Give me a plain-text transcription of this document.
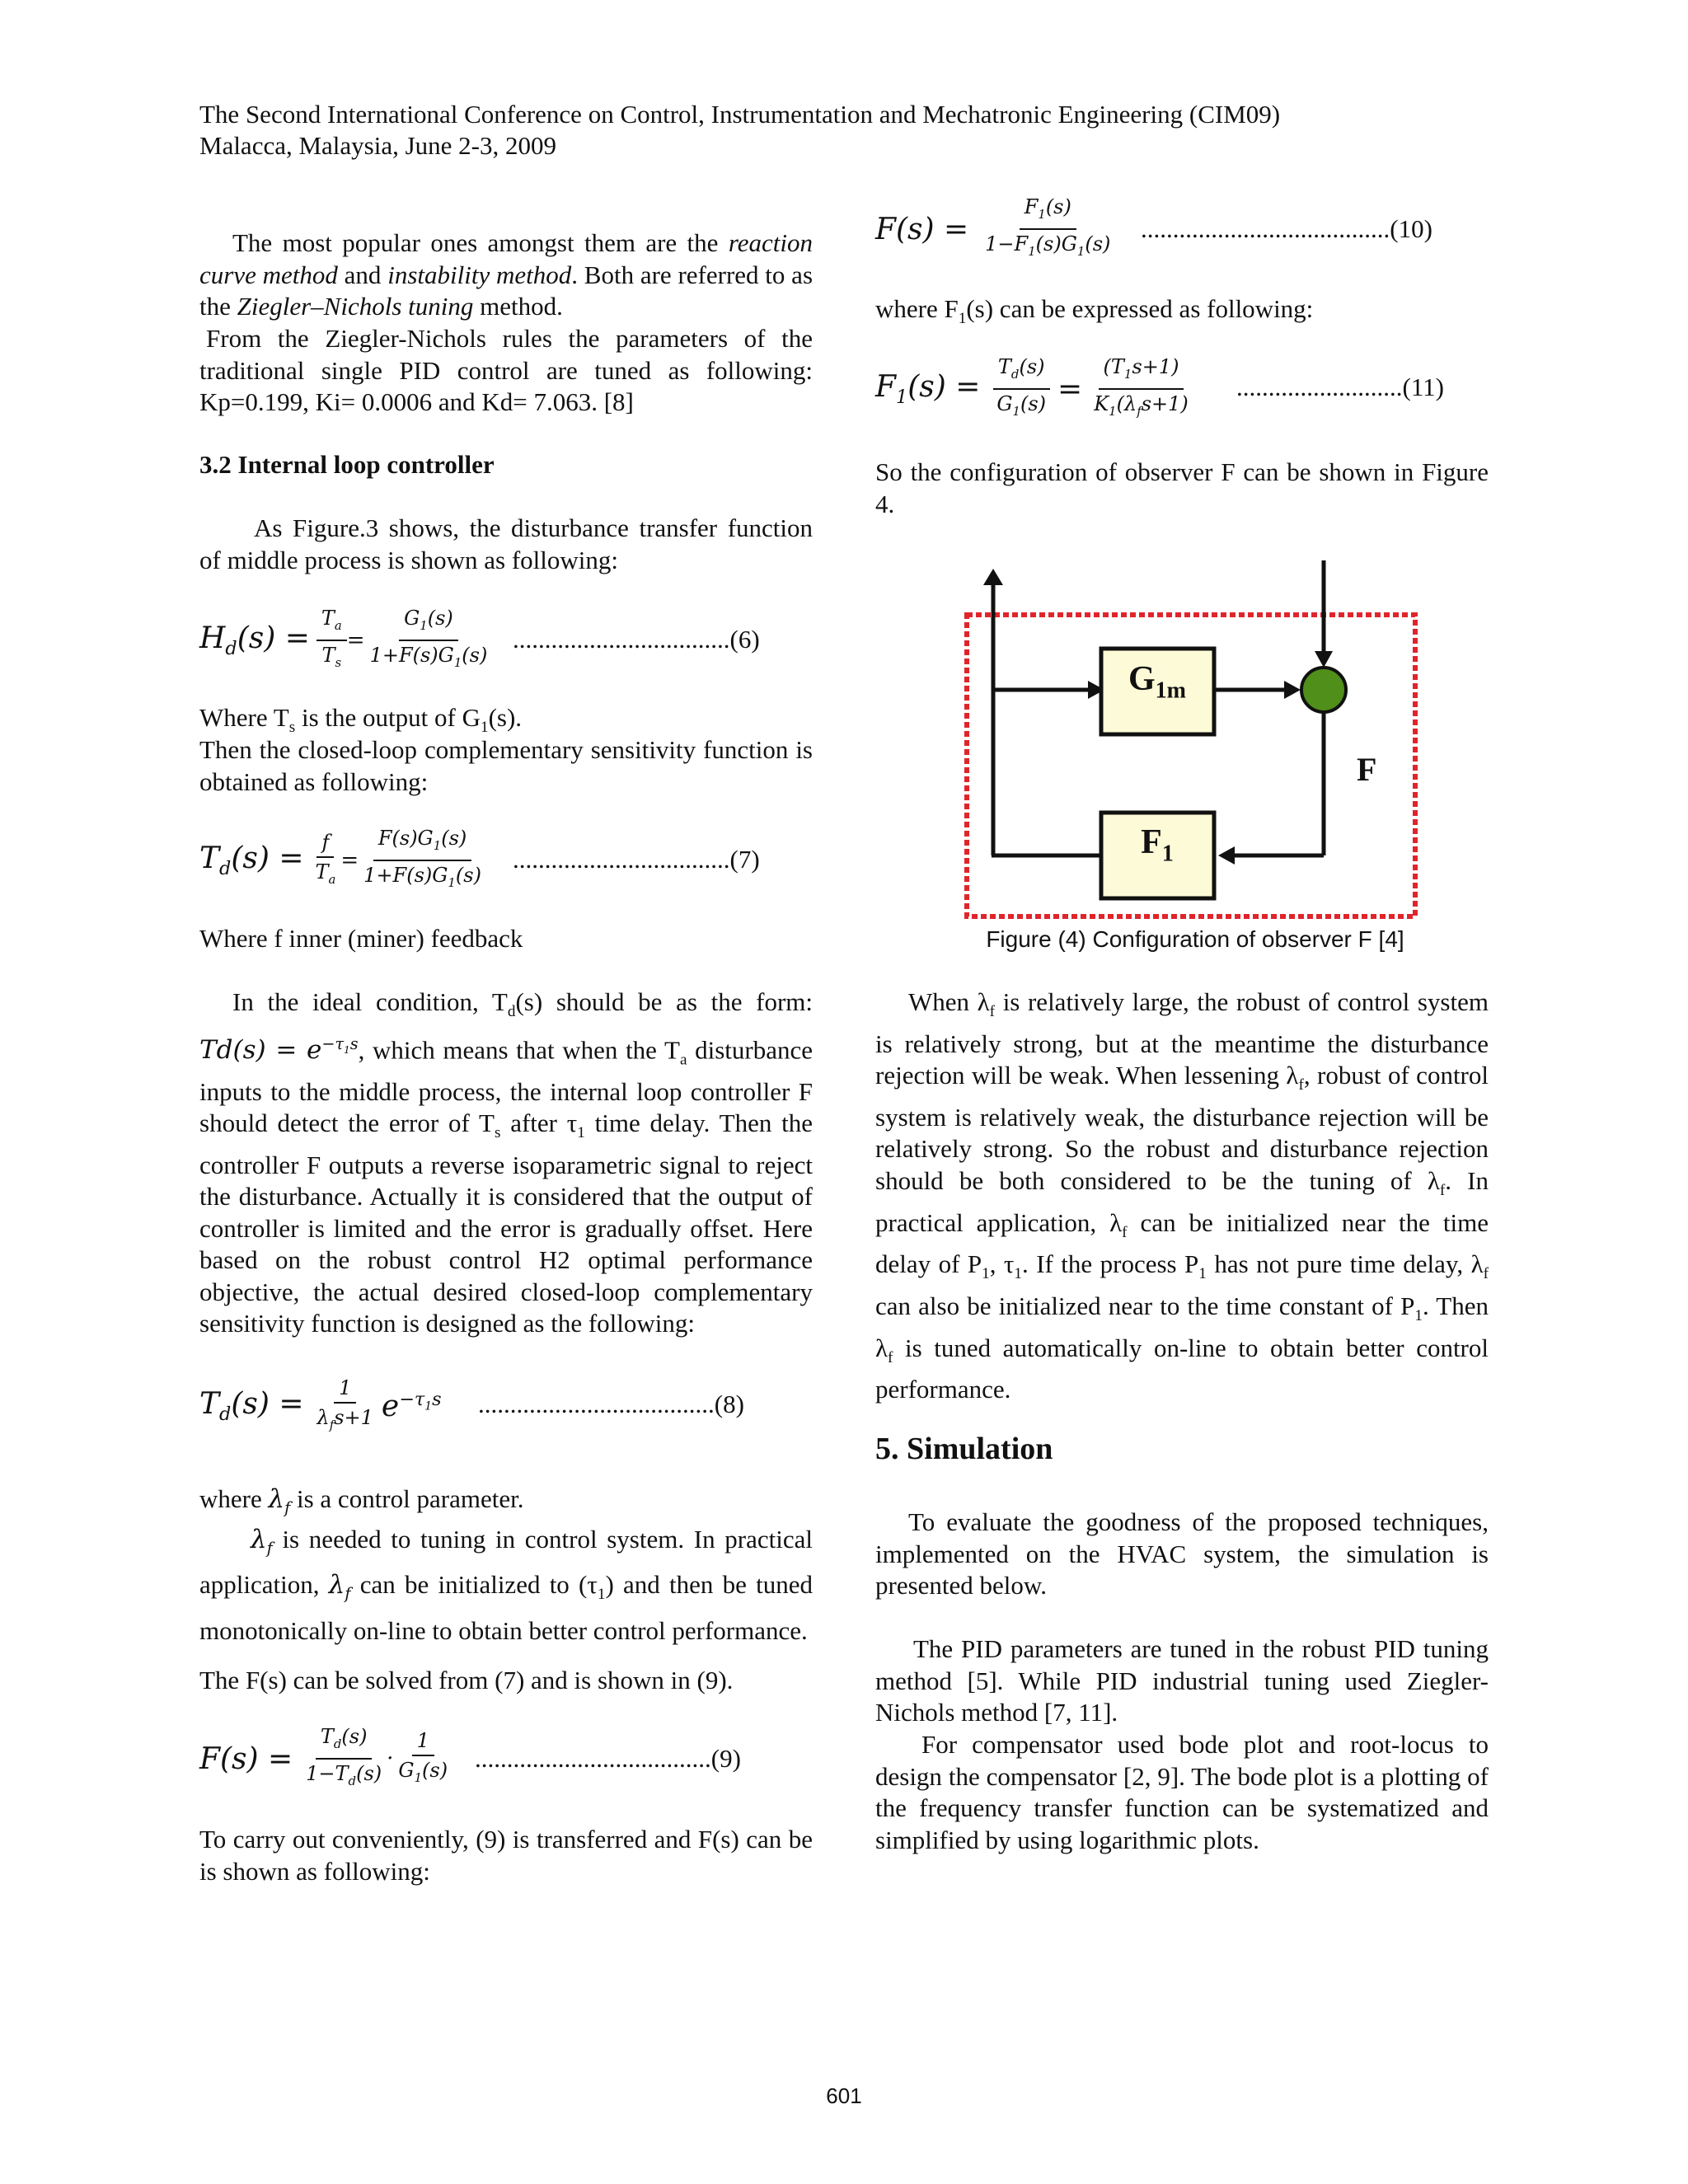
The Second International Conference on Control, Instrumentation and Mechatronic Engineering (CIM09)
Malacca, Malaysia, June 2-3, 2009
The most popular ones amongst them are the reaction curve method and instability method. Both are referred to as the Ziegler–Nichols tuning method.
From the Ziegler-Nichols rules the parameters of the traditional single PID control are tuned as following: Kp=0.199, Ki= 0.0006 and Kd= 7.063. [8]
3.2 Internal loop controller
As Figure.3 shows, the disturbance transfer function of middle process is shown as following:
$H_d(s) = \frac{T_a}{T_s} = \frac{G_1(s)}{1+F(s)G_1(s)} ..................................(6)$
Where $T_s$ is the output of $G_1(s)$.
Then the closed-loop complementary sensitivity function is obtained as following:
$T_d(s) = \frac{f}{T_a} = \frac{F(s)G_1(s)}{1+F(s)G_1(s)} ..................................(7)$
Where f inner (miner) feedback
In the ideal condition, $T_d(s)$ should be as the form: $Td(s) = e^{-\tau_1s}$, which means that when the $T_a$ disturbance inputs to the middle process, the internal loop controller F should detect the error of $T_s$ after $\tau_1$ time delay. Then the controller F outputs a reverse isoparametric signal to reject the disturbance. Actually it is considered that the output of controller is limited and the error is gradually offset. Here based on the robust control H2 optimal performance objective, the actual desired closed-loop complementary sensitivity function is designed as the following:
$T_d(s) = \frac{1}{\lambda_fs+1} e^{-\tau_1s}$ .....................................(8)
where $\lambda_f$ is a control parameter.
$\lambda_f$ is needed to tuning in control system. In practical application, $\lambda_f$ can be initialized to $(\tau_1)$ and then be tuned monotonically on-line to obtain better control performance.
The F(s) can be solved from (7) and is shown in (9).
$F(s) = \frac{T_d(s)}{1-T_d(s)} \cdot \frac{1}{G_1(s)} .....................................(9)$
To carry out conveniently, (9) is transferred and F(s) can be is shown as following:
$F(s) = \frac{F_1(s)}{1-F_1(s)G_1(s)} .......................................(10)$
where $F_1(s)$ can be expressed as following:
$F_1(s) = \frac{T_d(s)}{G_1(s)} = \frac{(T_1s+1)}{K_1(\lambda_fs+1)} ..........................(11)$
So the configuration of observer F can be shown in Figure 4.
$G_{1m}$
$F_1$
F
Figure (4) Configuration of observer F [4]
When $\lambda_f$ is relatively large, the robust of control system is relatively strong, but at the meantime the disturbance rejection will be weak. When lessening $\lambda_f$, robust of control system is relatively weak, the disturbance rejection will be relatively strong. So the robust and disturbance rejection should be both considered to be the tuning of $\lambda_f$. In practical application, $\lambda_f$ can be initialized near the time delay of $P_1$, $\tau_1$. If the process $P_1$ has not pure time delay, $\lambda_f$ can also be initialized near to the time constant of $P_1$. Then $\lambda_f$ is tuned automatically on-line to obtain better control performance.
5. Simulation
To evaluate the goodness of the proposed techniques, implemented on the HVAC system, the simulation is presented below.
The PID parameters are tuned in the robust PID tuning method [5]. While PID industrial tuning used Ziegler-Nichols method [7, 11].
For compensator used bode plot and root-locus to design the compensator [2, 9]. The bode plot is a plotting of the frequency transfer function can be systematized and simplified by using logarithmic plots.
601
